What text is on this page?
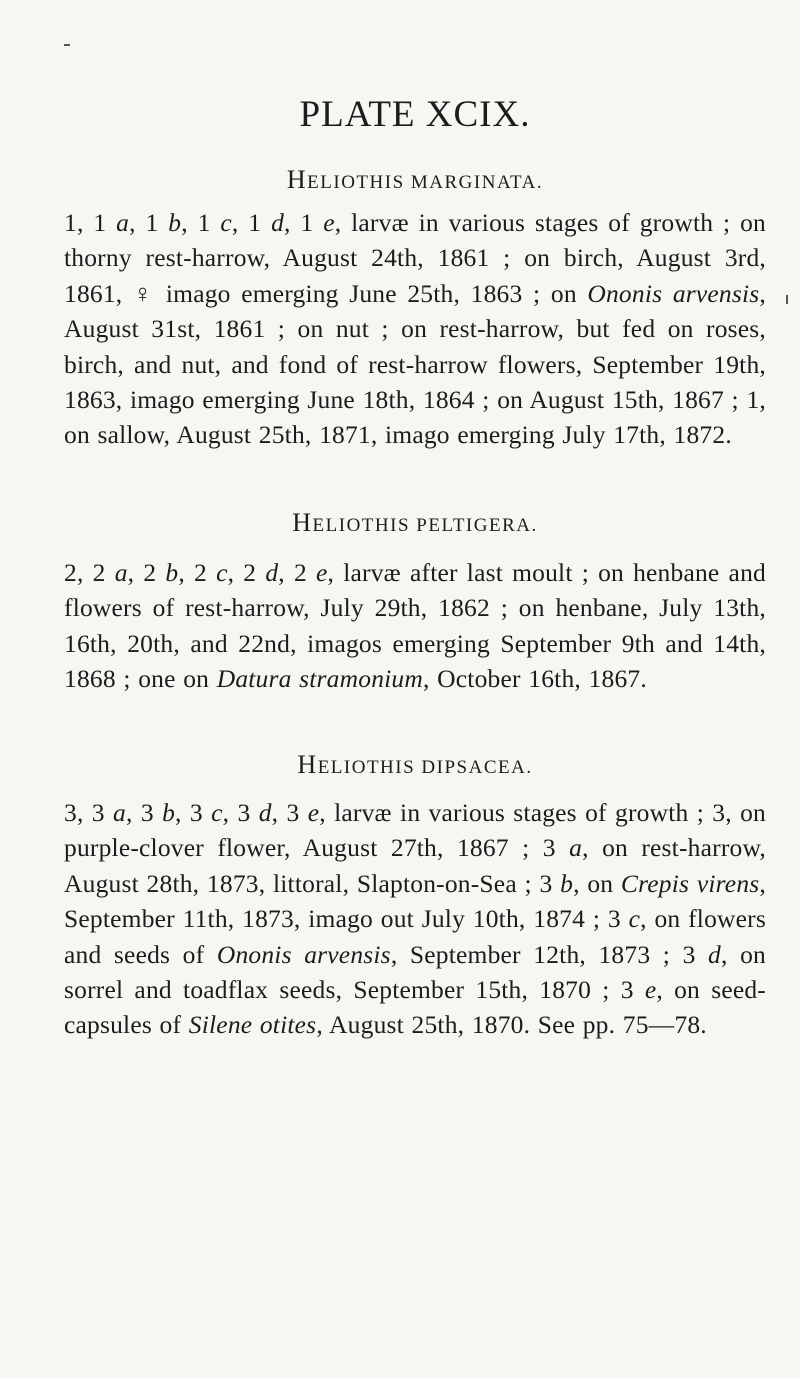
PLATE XCIX.
HELIOTHIS MARGINATA.

1, 1 a, 1 b, 1 c, 1 d, 1 e, larvæ in various stages of growth ; on thorny rest-harrow, August 24th, 1861 ; on birch, August 3rd, 1861, ♀ imago emerging June 25th, 1863 ; on Ononis arvensis, August 31st, 1861 ; on nut ; on rest-harrow, but fed on roses, birch, and nut, and fond of rest-harrow flowers, September 19th, 1863, imago emerging June 18th, 1864 ; on August 15th, 1867 ; 1, on sallow, August 25th, 1871, imago emerging July 17th, 1872.

HELIOTHIS PELTIGERA.

2, 2 a, 2 b, 2 c, 2 d, 2 e, larvæ after last moult ; on henbane and flowers of rest-harrow, July 29th, 1862 ; on henbane, July 13th, 16th, 20th, and 22nd, imagos emerging September 9th and 14th, 1868 ; one on Datura stramonium, October 16th, 1867.

HELIOTHIS DIPSACEA.

3, 3 a, 3 b, 3 c, 3 d, 3 e, larvæ in various stages of growth ; 3, on purple-clover flower, August 27th, 1867 ; 3 a, on rest-harrow, August 28th, 1873, littoral, Slapton-on-Sea ; 3 b, on Crepis virens, September 11th, 1873, imago out July 10th, 1874 ; 3 c, on flowers and seeds of Ononis arvensis, September 12th, 1873 ; 3 d, on sorrel and toadflax seeds, September 15th, 1870 ; 3 e, on seed-capsules of Silene otites, August 25th, 1870. See pp. 75—78.
